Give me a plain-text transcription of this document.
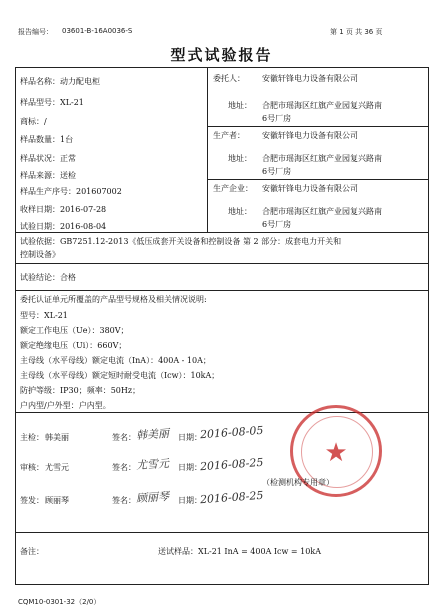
报告编号： 03601-B-16A0036-S	第 1 页 共 36 页
型式试验报告
样品名称：动力配电柜
样品型号：XL-21
商标：/
样品数量：1台
样品状况：正常
样品来源：送检
样品生产序号：201607002
收样日期：2016-07-28
试验日期：2016-08-04
委托人： 安徽轩锋电力设备有限公司
地址： 合肥市瑶海区红旗产业园复兴路南
6号厂房
生产者： 安徽轩锋电力设备有限公司
地址： 合肥市瑶海区红旗产业园复兴路南
6号厂房
生产企业： 安徽轩锋电力设备有限公司
地址： 合肥市瑶海区红旗产业园复兴路南
6号厂房
试验依据：GB7251.12-2013《低压成套开关设备和控制设备 第 2 部分：成套电力开关和
控制设备》
试验结论：合格
委托认证单元所覆盖的产品型号规格及相关情况说明:
型号：XL-21
额定工作电压（Ue）：380V；
额定绝缘电压（Ui）：660V；
主母线（水平母线）额定电流（InA）：400A - 10A；
主母线（水平母线）额定短时耐受电流（Icw）：10kA；
防护等级：IP30；频率：50Hz；
户内型/户外型：户内型。
主检： 韩美丽	签名： 韩美丽 日期：
2016-08-05
审核： 尤雪元	签名： 尤雪元 日期：
2016-08-25
签发： 顾丽琴	签名： 顾丽琴 日期：
2016-08-25
★
（检测机构专用章）
备注：	送试样品：XL-21 InA = 400A Icw = 10kA
CQM10-0301-32（2/0）
